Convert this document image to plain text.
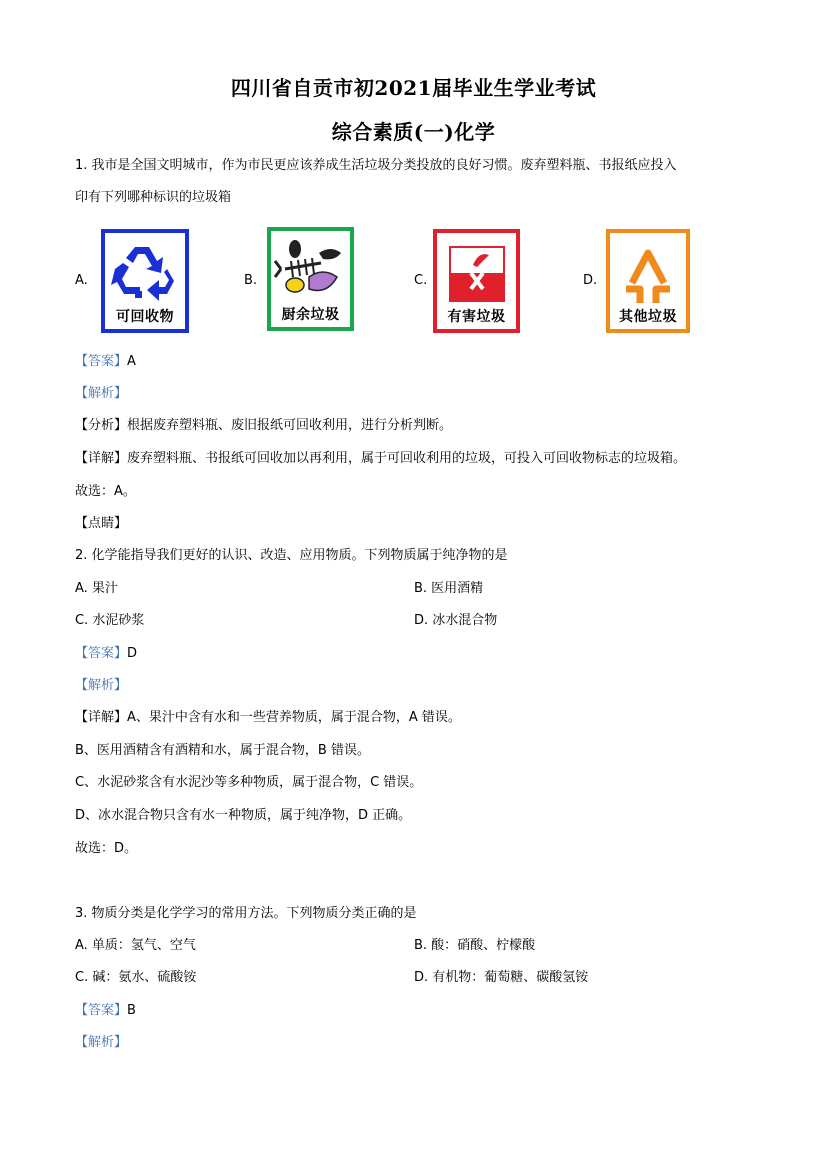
四川省自贡市初2021届毕业生学业考试
综合素质(一)化学
1. 我市是全国文明城市，作为市民更应该养成生活垃圾分类投放的良好习惯。废弃塑料瓶、书报纸应投入
印有下列哪种标识的垃圾箱
A.
可回收物
B.
厨余垃圾
C.
有害垃圾
D.
其他垃圾
【答案】A
【解析】
【分析】根据废弃塑料瓶、废旧报纸可回收利用，进行分析判断。
【详解】废弃塑料瓶、书报纸可回收加以再利用，属于可回收利用的垃圾，可投入可回收物标志的垃圾箱。
故选：A。
【点睛】
2. 化学能指导我们更好的认识、改造、应用物质。下列物质属于纯净物的是
A. 果汁	B. 医用酒精
C. 水泥砂浆	D. 冰水混合物
【答案】D
【解析】
【详解】A、果汁中含有水和一些营养物质，属于混合物，A 错误。
B、医用酒精含有酒精和水，属于混合物，B 错误。
C、水泥砂浆含有水泥沙等多种物质，属于混合物，C 错误。
D、冰水混合物只含有水一种物质，属于纯净物，D 正确。
故选：D。
3. 物质分类是化学学习的常用方法。下列物质分类正确的是
A. 单质：氢气、空气	B. 酸：硝酸、柠檬酸
C. 碱：氨水、硫酸铵	D. 有机物：葡萄糖、碳酸氢铵
【答案】B
【解析】
